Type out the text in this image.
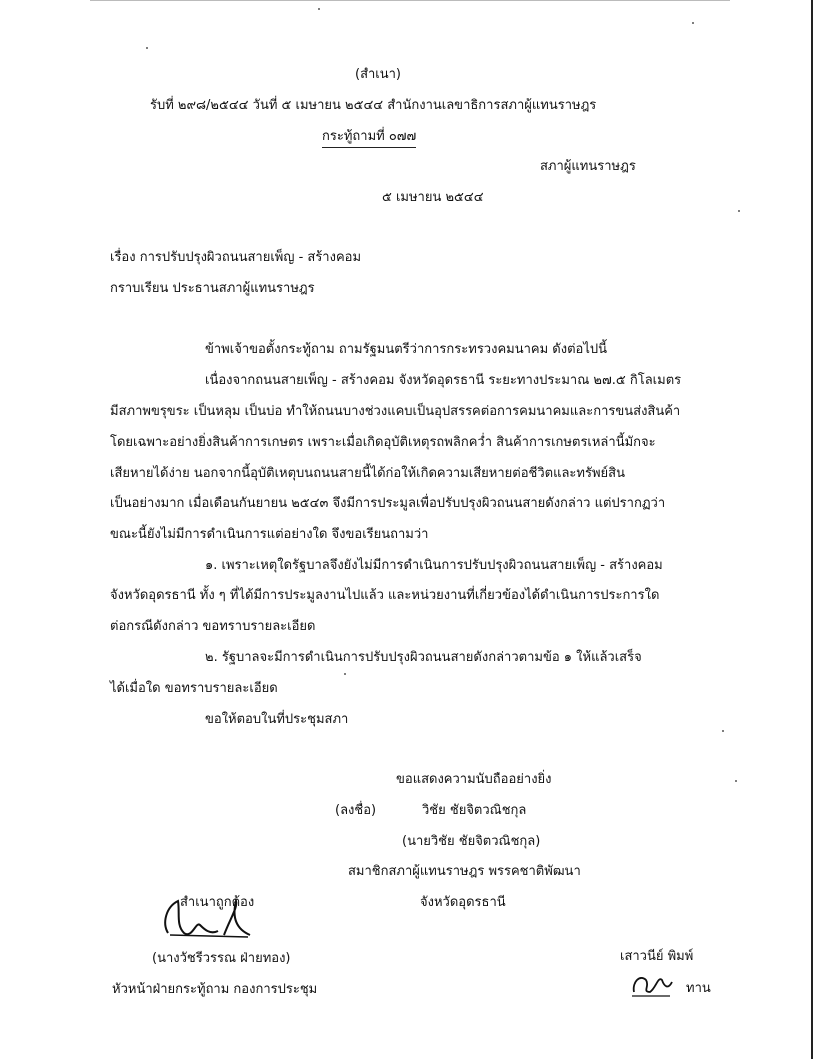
(สำเนา)
รับที่ ๒๙๘/๒๕๔๔ วันที่ ๕ เมษายน ๒๕๔๔ สำนักงานเลขาธิการสภาผู้แทนราษฎร
กระทู้ถามที่ ๐๗๗
สภาผู้แทนราษฎร
๕ เมษายน ๒๕๔๔
เรื่อง การปรับปรุงผิวถนนสายเพ็ญ - สร้างคอม
กราบเรียน ประธานสภาผู้แทนราษฎร
ข้าพเจ้าขอตั้งกระทู้ถาม ถามรัฐมนตรีว่าการกระทรวงคมนาคม ดังต่อไปนี้
เนื่องจากถนนสายเพ็ญ - สร้างคอม จังหวัดอุดรธานี ระยะทางประมาณ ๒๗.๕ กิโลเมตร
มีสภาพขรุขระ เป็นหลุม เป็นบ่อ ทำให้ถนนบางช่วงแคบเป็นอุปสรรคต่อการคมนาคมและการขนส่งสินค้า
โดยเฉพาะอย่างยิ่งสินค้าการเกษตร เพราะเมื่อเกิดอุบัติเหตุรถพลิกคว่ำ สินค้าการเกษตรเหล่านี้มักจะ
เสียหายได้ง่าย นอกจากนี้อุบัติเหตุบนถนนสายนี้ได้ก่อให้เกิดความเสียหายต่อชีวิตและทรัพย์สิน
เป็นอย่างมาก เมื่อเดือนกันยายน ๒๕๔๓ จึงมีการประมูลเพื่อปรับปรุงผิวถนนสายดังกล่าว แต่ปรากฏว่า
ขณะนี้ยังไม่มีการดำเนินการแต่อย่างใด จึงขอเรียนถามว่า
๑. เพราะเหตุใดรัฐบาลจึงยังไม่มีการดำเนินการปรับปรุงผิวถนนสายเพ็ญ - สร้างคอม
จังหวัดอุดรธานี ทั้ง ๆ ที่ได้มีการประมูลงานไปแล้ว และหน่วยงานที่เกี่ยวข้องได้ดำเนินการประการใด
ต่อกรณีดังกล่าว ขอทราบรายละเอียด
๒. รัฐบาลจะมีการดำเนินการปรับปรุงผิวถนนสายดังกล่าวตามข้อ ๑ ให้แล้วเสร็จ
ได้เมื่อใด ขอทราบรายละเอียด
ขอให้ตอบในที่ประชุมสภา
ขอแสดงความนับถืออย่างยิ่ง
(ลงชื่อ)	วิชัย ชัยจิตวณิชกุล
(นายวิชัย ชัยจิตวณิชกุล)
สมาชิกสภาผู้แทนราษฎร พรรคชาติพัฒนา
จังหวัดอุดรธานี
สำเนาถูกต้อง
(นางวัชรีวรรณ ฝ่ายทอง)
หัวหน้าฝ่ายกระทู้ถาม กองการประชุม
เสาวนีย์ พิมพ์
ทาน
